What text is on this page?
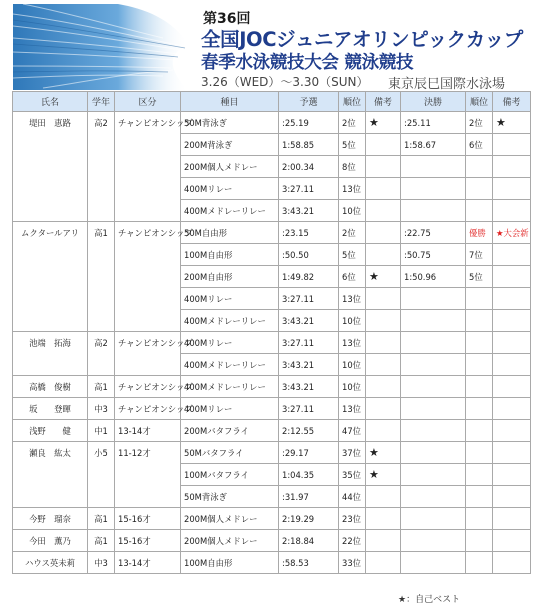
第36回
全国JOCジュニアオリンピックカップ
春季水泳競技大会 競泳競技
3.26（WED）～3.30（SUN） 東京辰巳国際水泳場
氏名	学年	区分	種目	予選	順位	備考	決勝	順位	備考
堤田　恵路	高2	チャンピオンシップ	50M背泳ぎ	:25.19	2位	★	:25.11	2位	★
			200M背泳ぎ	1:58.85	5位		1:58.67	6位	
			200M個人メドレー	2:00.34	8位				
			400Mリレー	3:27.11	13位				
			400Mメドレーリレー	3:43.21	10位				
ムクタールアリ	高1	チャンピオンシップ	50M自由形	:23.15	2位		:22.75	優勝	★大会新
			100M自由形	:50.50	5位		:50.75	7位	
			200M自由形	1:49.82	6位	★	1:50.96	5位	
			400Mリレー	3:27.11	13位				
			400Mメドレーリレー	3:43.21	10位				
池端　拓海	高2	チャンピオンシップ	400Mリレー	3:27.11	13位				
			400Mメドレーリレー	3:43.21	10位				
高橋　俊樹	高1	チャンピオンシップ	400Mメドレーリレー	3:43.21	10位				
坂　　登暉	中3	チャンピオンシップ	400Mリレー	3:27.11	13位				
浅野　　健	中1	13-14才	200Mバタフライ	2:12.55	47位				
瀬良　紘太	小5	11-12才	50Mバタフライ	:29.17	37位	★			
			100Mバタフライ	1:04.35	35位	★			
			50M背泳ぎ	:31.97	44位				
今野　瑠奈	高1	15-16才	200M個人メドレー	2:19.29	23位				
今田　薫乃	高1	15-16才	200M個人メドレー	2:18.84	22位				
ハウス英未莉	中3	13-14才	100M自由形	:58.53	33位				
★：自己ベスト
